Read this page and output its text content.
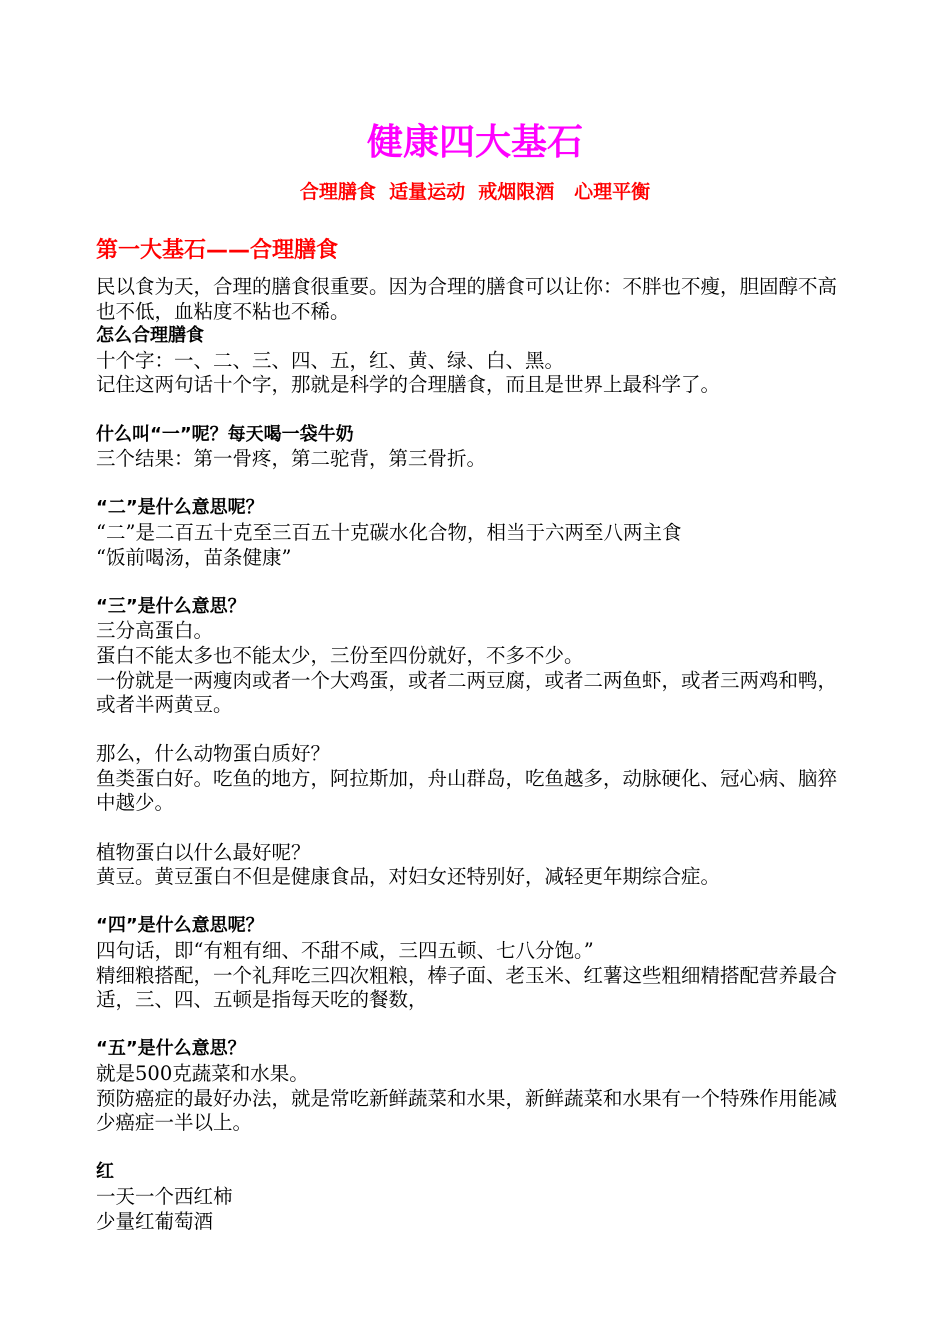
健康四大基石
合理膳食  适量运动  戒烟限酒   心理平衡
第一大基石——合理膳食
民以食为天，合理的膳食很重要。因为合理的膳食可以让你：不胖也不瘦，胆固醇不高也不低，血粘度不粘也不稀。
怎么合理膳食
十个字：一、二、三、四、五，红、黄、绿、白、黑。
记住这两句话十个字，那就是科学的合理膳食，而且是世界上最科学了。
什么叫“一”呢？每天喝一袋牛奶
三个结果：第一骨疼，第二驼背，第三骨折。
“二”是什么意思呢？
“二”是二百五十克至三百五十克碳水化合物，相当于六两至八两主食
“饭前喝汤，苗条健康”
“三”是什么意思？
三分高蛋白。
蛋白不能太多也不能太少，三份至四份就好，不多不少。
一份就是一两瘦肉或者一个大鸡蛋，或者二两豆腐，或者二两鱼虾，或者三两鸡和鸭，或者半两黄豆。
那么，什么动物蛋白质好？
鱼类蛋白好。吃鱼的地方，阿拉斯加，舟山群岛，吃鱼越多，动脉硬化、冠心病、脑猝中越少。
植物蛋白以什么最好呢？
黄豆。黄豆蛋白不但是健康食品，对妇女还特别好，减轻更年期综合症。
“四”是什么意思呢？
四句话，即“有粗有细、不甜不咸，三四五顿、七八分饱。”
精细粮搭配，一个礼拜吃三四次粗粮，棒子面、老玉米、红薯这些粗细精搭配营养最合适，三、四、五顿是指每天吃的餐数，
“五”是什么意思？
就是500克蔬菜和水果。
预防癌症的最好办法，就是常吃新鲜蔬菜和水果，新鲜蔬菜和水果有一个特殊作用能减少癌症一半以上。
红
一天一个西红柿
少量红葡萄酒
